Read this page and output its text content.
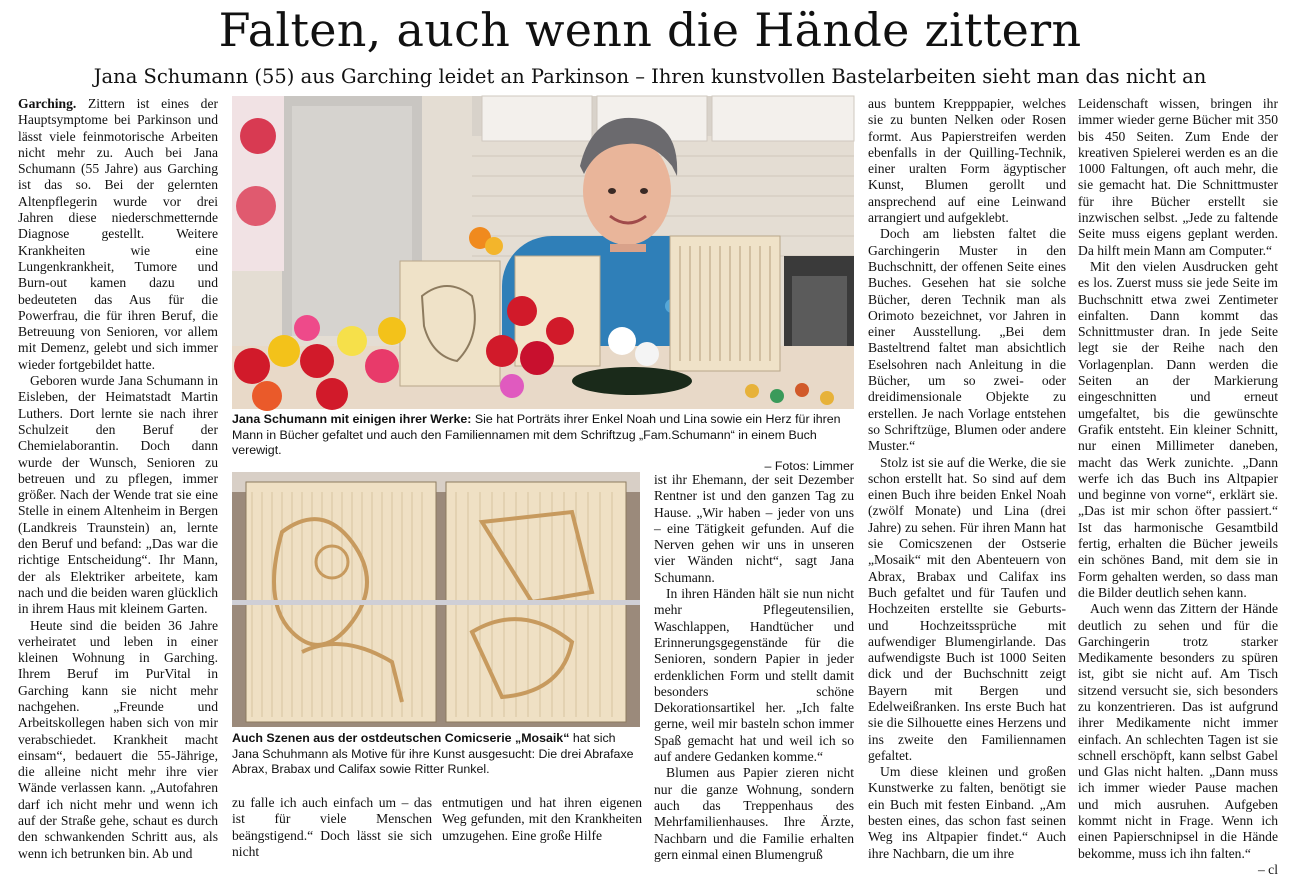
Falten, auch wenn die Hände zittern
Jana Schumann (55) aus Garching leidet an Parkinson – Ihren kunstvollen Bastelarbeiten sieht man das nicht an

Garching. Zittern ist eines der Hauptsymptome bei Parkinson und lässt viele feinmotorische Arbeiten nicht mehr zu. Auch bei Jana Schumann (55 Jahre) aus Garching ist das so. Bei der gelernten Altenpflegerin wurde vor drei Jahren diese niederschmetternde Diagnose gestellt. Weitere Krankheiten wie eine Lungenkrankheit, Tumore und Burn-out kamen dazu und bedeuteten das Aus für die Powerfrau, die für ihren Beruf, die Betreuung von Senioren, vor allem mit Demenz, gelebt und sich immer wieder fortgebildet hatte.

Geboren wurde Jana Schumann in Eisleben, der Heimatstadt Martin Luthers. Dort lernte sie nach ihrer Schulzeit den Beruf der Chemielaborantin. Doch dann wurde der Wunsch, Senioren zu betreuen und zu pflegen, immer größer. Nach der Wende trat sie eine Stelle in einem Altenheim in Bergen (Landkreis Traunstein) an, lernte den Beruf und befand: „Das war die richtige Entscheidung“. Ihr Mann, der als Elektriker arbeitete, kam nach und die beiden waren glücklich in ihrem Haus mit kleinem Garten.

Heute sind die beiden 36 Jahre verheiratet und leben in einer kleinen Wohnung in Garching. Ihrem Beruf im PurVital in Garching kann sie nicht mehr nachgehen. „Freunde und Arbeitskollegen haben sich von mir verabschiedet. Krankheit macht einsam“, bedauert die 55-Jährige, die alleine nicht mehr ihre vier Wände verlassen kann. „Autofahren darf ich nicht mehr und wenn ich auf der Straße gehe, schaut es durch den schwankenden Schritt aus, als wenn ich betrunken bin. Ab und

Jana Schumann mit einigen ihrer Werke: Sie hat Porträts ihrer Enkel Noah und Lina sowie ein Herz für ihren Mann in Bücher gefaltet und auch den Familiennamen mit dem Schriftzug „Fam.Schumann“ in einem Buch verewigt.
– Fotos: Limmer
Auch Szenen aus der ostdeutschen Comicserie „Mosaik“ hat sich Jana Schuhmann als Motive für ihre Kunst ausgesucht: Die drei Abrafaxe Abrax, Brabax und Califax sowie Ritter Runkel.

zu falle ich auch einfach um – das ist für viele Menschen beängstigend.“ Doch lässt sie sich nicht

entmutigen und hat ihren eigenen Weg gefunden, mit den Krankheiten umzugehen. Eine große Hilfe

ist ihr Ehemann, der seit Dezember Rentner ist und den ganzen Tag zu Hause. „Wir haben – jeder von uns – eine Tätigkeit gefunden. Auf die Nerven gehen wir uns in unseren vier Wänden nicht“, sagt Jana Schumann.

In ihren Händen hält sie nun nicht mehr Pflegeutensilien, Waschlappen, Handtücher und Erinnerungsgegenstände für die Senioren, sondern Papier in jeder erdenklichen Form und stellt damit besonders schöne Dekorationsartikel her. „Ich falte gerne, weil mir basteln schon immer Spaß gemacht hat und weil ich so auf andere Gedanken komme.“

Blumen aus Papier zieren nicht nur die ganze Wohnung, sondern auch das Treppenhaus des Mehrfamilienhauses. Ihre Ärzte, Nachbarn und die Familie erhalten gern einmal einen Blumengruß

aus buntem Krepppapier, welches sie zu bunten Nelken oder Rosen formt. Aus Papierstreifen werden ebenfalls in der Quilling-Technik, einer uralten Form ägyptischer Kunst, Blumen gerollt und ansprechend auf eine Leinwand arrangiert und aufgeklebt.

Doch am liebsten faltet die Garchingerin Muster in den Buchschnitt, der offenen Seite eines Buches. Gesehen hat sie solche Bücher, deren Technik man als Orimoto bezeichnet, vor Jahren in einer Ausstellung. „Bei dem Basteltrend faltet man absichtlich Eselsohren nach Anleitung in die Bücher, um so zwei- oder dreidimensionale Objekte zu erstellen. Je nach Vorlage entstehen so Schriftzüge, Blumen oder andere Muster.“

Stolz ist sie auf die Werke, die sie schon erstellt hat. So sind auf dem einen Buch ihre beiden Enkel Noah (zwölf Monate) und Lina (drei Jahre) zu sehen. Für ihren Mann hat sie Comicszenen der Ostserie „Mosaik“ mit den Abenteuern von Abrax, Brabax und Califax ins Buch gefaltet und für Taufen und Hochzeiten erstellte sie Geburts- und Hochzeitssprüche mit aufwendiger Blumengirlande. Das aufwendigste Buch ist 1000 Seiten dick und der Buchschnitt zeigt Bayern mit Bergen und Edelweißranken. Ins erste Buch hat sie die Silhouette eines Herzens und ins zweite den Familiennamen gefaltet.

Um diese kleinen und großen Kunstwerke zu falten, benötigt sie ein Buch mit festen Einband. „Am besten eines, das schon fast seinen Weg ins Altpapier findet.“ Auch ihre Nachbarn, die um ihre

Leidenschaft wissen, bringen ihr immer wieder gerne Bücher mit 350 bis 450 Seiten. Zum Ende der kreativen Spielerei werden es an die 1000 Faltungen, oft auch mehr, die sie gemacht hat. Die Schnittmuster für ihre Bücher erstellt sie inzwischen selbst. „Jede zu faltende Seite muss eigens geplant werden. Da hilft mein Mann am Computer.“

Mit den vielen Ausdrucken geht es los. Zuerst muss sie jede Seite im Buchschnitt etwa zwei Zentimeter einfalten. Dann kommt das Schnittmuster dran. In jede Seite legt sie der Reihe nach den Vorlagenplan. Dann werden die Seiten an der Markierung eingeschnitten und erneut umgefaltet, bis die gewünschte Grafik entsteht. Ein kleiner Schnitt, nur einen Millimeter daneben, macht das Werk zunichte. „Dann werfe ich das Buch ins Altpapier und beginne von vorne“, erklärt sie. „Das ist mir schon öfter passiert.“ Ist das harmonische Gesamtbild fertig, erhalten die Bücher jeweils ein schönes Band, mit dem sie in Form gehalten werden, so dass man die Bilder deutlich sehen kann.

Auch wenn das Zittern der Hände deutlich zu sehen und für die Garchingerin trotz starker Medikamente besonders zu spüren ist, gibt sie nicht auf. Am Tisch sitzend versucht sie, sich besonders zu konzentrieren. Das ist aufgrund ihrer Medikamente nicht immer einfach. An schlechten Tagen ist sie schnell erschöpft, kann selbst Gabel und Glas nicht halten. „Dann muss ich immer wieder Pause machen und mich ausruhen. Aufgeben kommt nicht in Frage. Wenn ich einen Papierschnipsel in die Hände bekomme, muss ich ihn falten.“

– cl
